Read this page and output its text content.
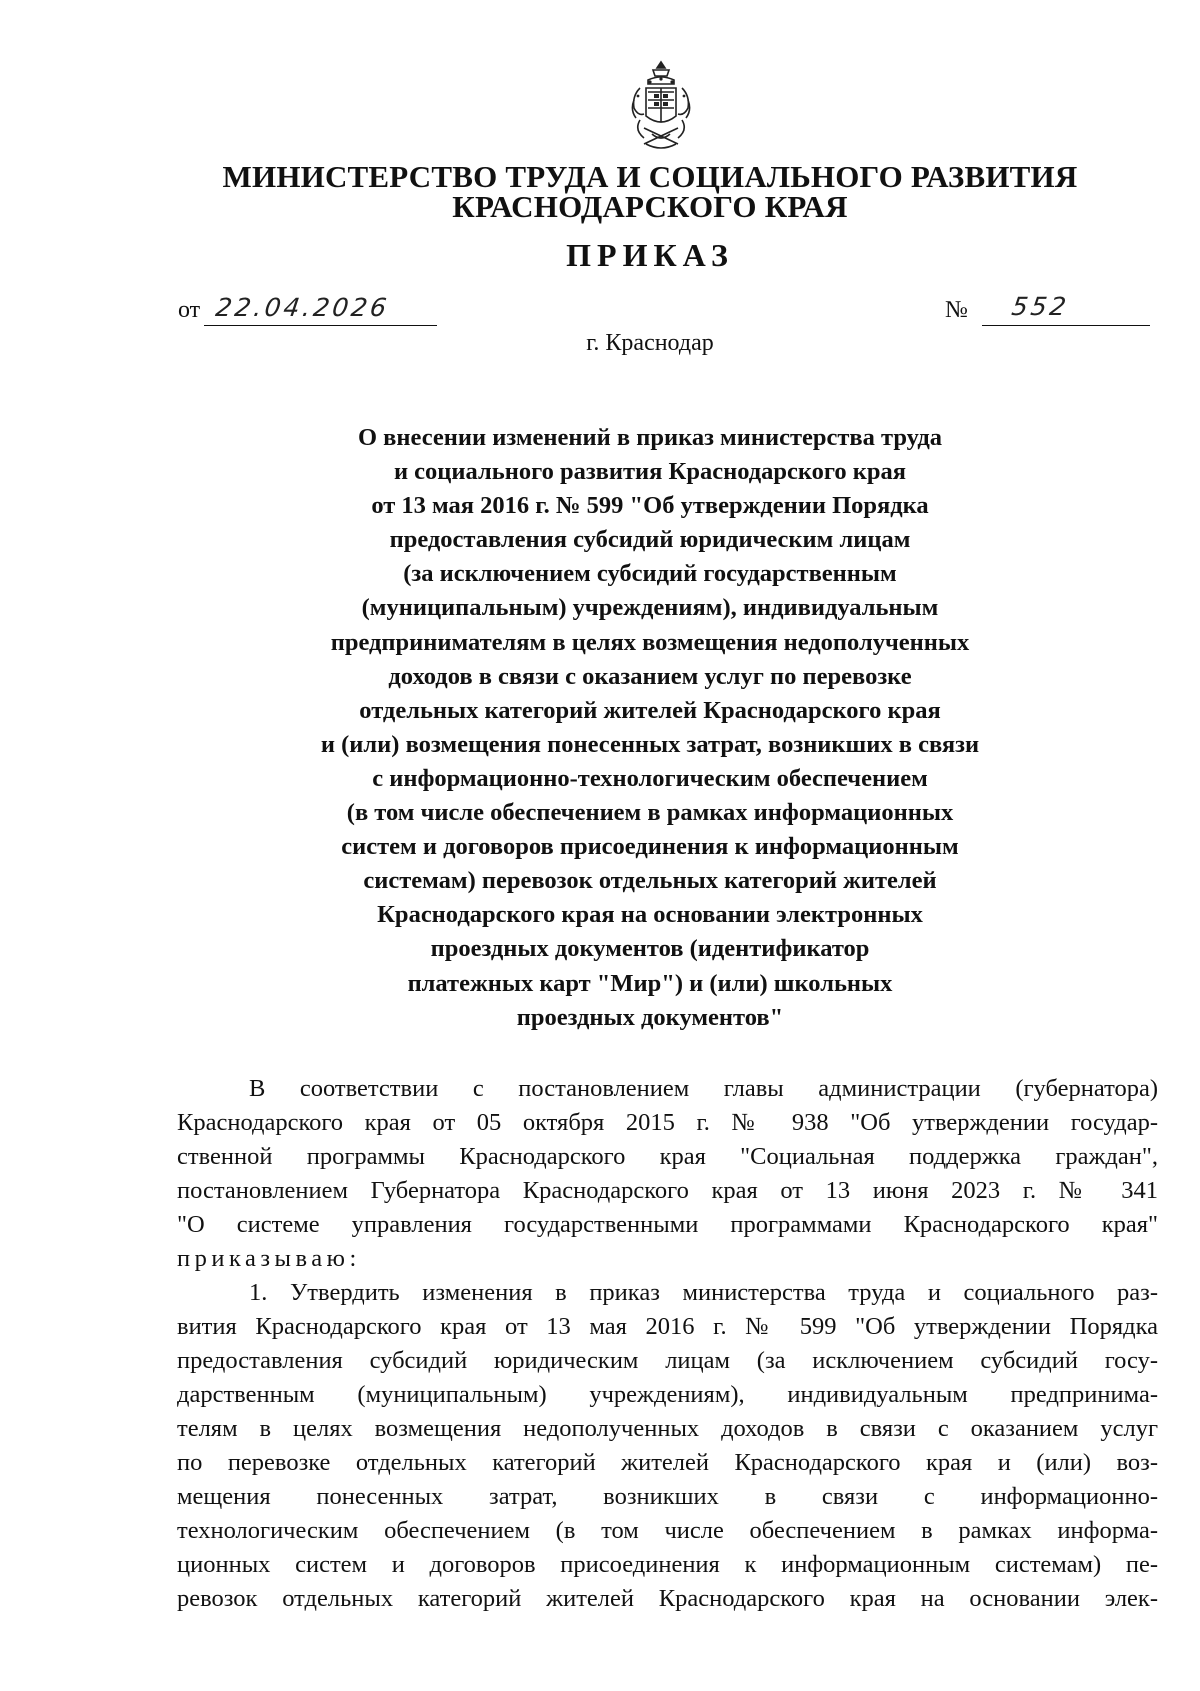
МИНИСТЕРСТВО ТРУДА И СОЦИАЛЬНОГО РАЗВИТИЯ
КРАСНОДАРСКОГО КРАЯ
ПРИКАЗ
от 22.04.2026	№ 552
г. Краснодар
О внесении изменений в приказ министерства труда
и социального развития Краснодарского края
от 13 мая 2016 г. № 599 "Об утверждении Порядка
предоставления субсидий юридическим лицам
(за исключением субсидий государственным
(муниципальным) учреждениям), индивидуальным
предпринимателям в целях возмещения недополученных
доходов в связи с оказанием услуг по перевозке
отдельных категорий жителей Краснодарского края
и (или) возмещения понесенных затрат, возникших в связи
с информационно-технологическим обеспечением
(в том числе обеспечением в рамках информационных
систем и договоров присоединения к информационным
системам) перевозок отдельных категорий жителей
Краснодарского края на основании электронных
проездных документов (идентификатор
платежных карт "Мир") и (или) школьных
проездных документов"
В соответствии с постановлением главы администрации (губернатора)
Краснодарского края от 05 октября 2015 г. № 938 "Об утверждении государ-
ственной программы Краснодарского края "Социальная поддержка граждан",
постановлением Губернатора Краснодарского края от 13 июня 2023 г. № 341
"О системе управления государственными программами Краснодарского края"
приказываю:
1. Утвердить изменения в приказ министерства труда и социального раз-
вития Краснодарского края от 13 мая 2016 г. № 599 "Об утверждении Порядка
предоставления субсидий юридическим лицам (за исключением субсидий госу-
дарственным (муниципальным) учреждениям), индивидуальным предпринима-
телям в целях возмещения недополученных доходов в связи с оказанием услуг
по перевозке отдельных категорий жителей Краснодарского края и (или) воз-
мещения понесенных затрат, возникших в связи с информационно-
технологическим обеспечением (в том числе обеспечением в рамках информа-
ционных систем и договоров присоединения к информационным системам) пе-
ревозок отдельных категорий жителей Краснодарского края на основании элек-
